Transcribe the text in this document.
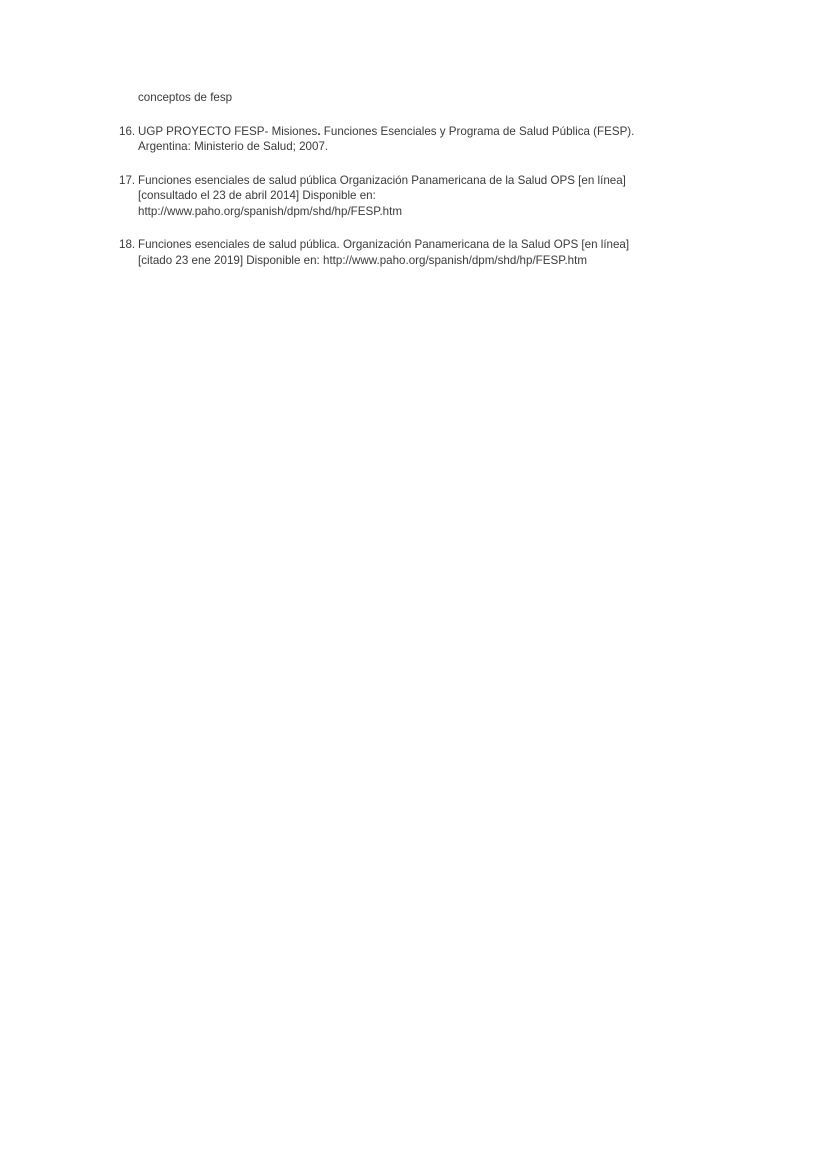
conceptos de fesp
16. UGP PROYECTO FESP- Misiones. Funciones Esenciales y Programa de Salud Pública (FESP).
Argentina: Ministerio de Salud; 2007.
17. Funciones esenciales de salud pública Organización Panamericana de la Salud OPS [en línea]
[consultado el 23 de abril 2014] Disponible en:
http://www.paho.org/spanish/dpm/shd/hp/FESP.htm
18. Funciones esenciales de salud pública. Organización Panamericana de la Salud OPS [en línea]
[citado 23 ene 2019] Disponible en: http://www.paho.org/spanish/dpm/shd/hp/FESP.htm
